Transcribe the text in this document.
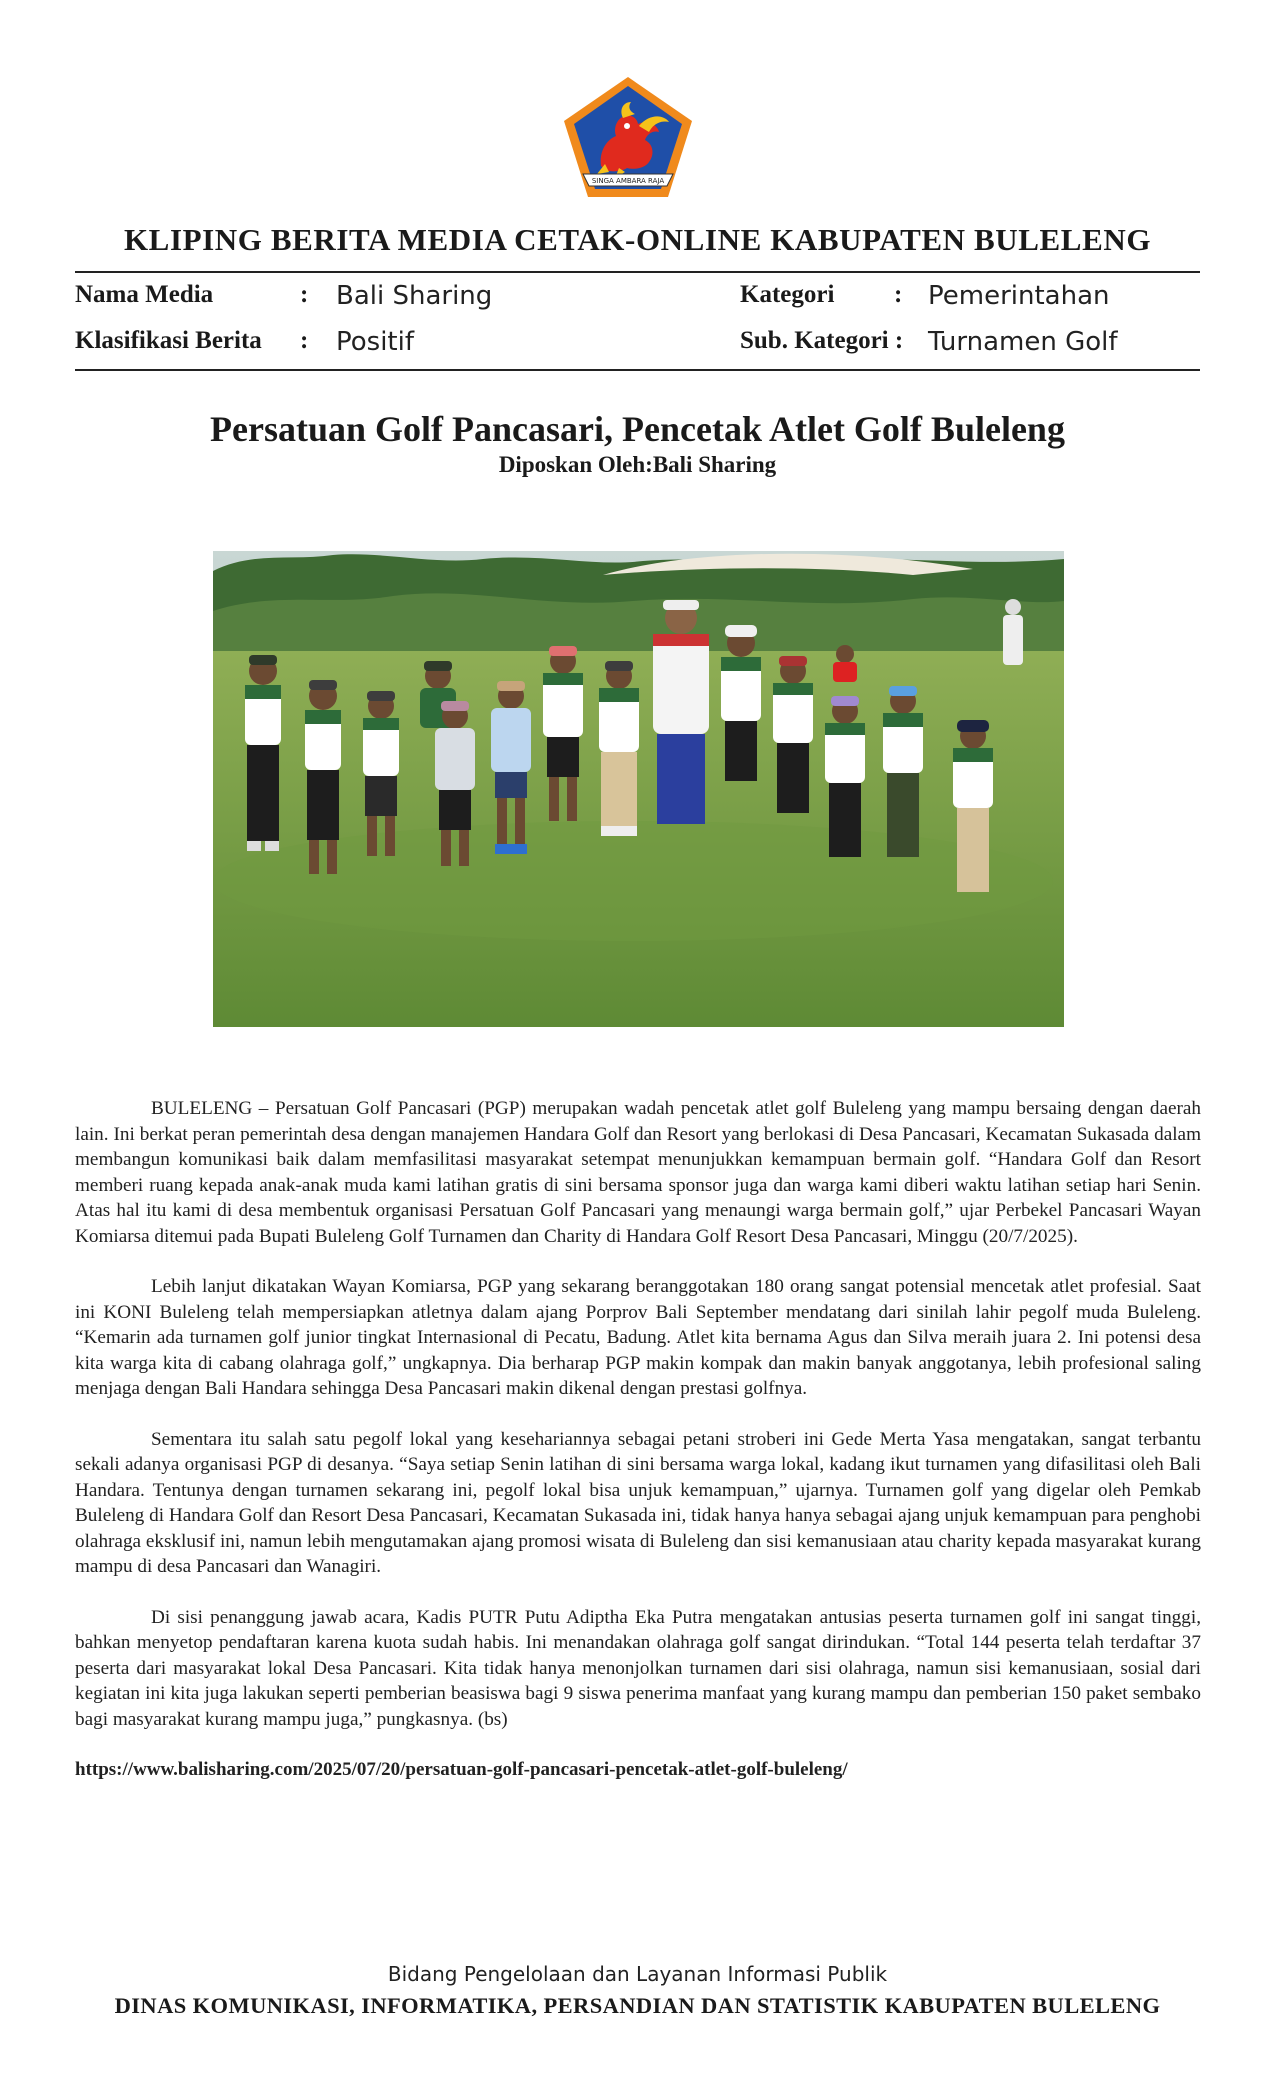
SINGA AMBARA RAJA
KLIPING BERITA MEDIA CETAK-ONLINE KABUPATEN BULELENG
Nama Media	: Bali Sharing
Klasifikasi Berita : Positif
Kategori : Pemerintahan
Sub. Kategori : Turnamen Golf
Persatuan Golf Pancasari, Pencetak Atlet Golf Buleleng
Diposkan Oleh:Bali Sharing

BULELENG – Persatuan Golf Pancasari (PGP) merupakan wadah pencetak atlet golf Buleleng yang mampu bersaing dengan daerah lain. Ini berkat peran pemerintah desa dengan manajemen Handara Golf dan Resort yang berlokasi di Desa Pancasari, Kecamatan Sukasada dalam membangun komunikasi baik dalam memfasilitasi masyarakat setempat menunjukkan kemampuan bermain golf. “Handara Golf dan Resort memberi ruang kepada anak-anak muda kami latihan gratis di sini bersama sponsor juga dan warga kami diberi waktu latihan setiap hari Senin. Atas hal itu kami di desa membentuk organisasi Persatuan Golf Pancasari yang menaungi warga bermain golf,” ujar Perbekel Pancasari Wayan Komiarsa ditemui pada Bupati Buleleng Golf Turnamen dan Charity di Handara Golf Resort Desa Pancasari, Minggu (20/7/2025).

Lebih lanjut dikatakan Wayan Komiarsa, PGP yang sekarang beranggotakan 180 orang sangat potensial mencetak atlet profesial. Saat ini KONI Buleleng telah mempersiapkan atletnya dalam ajang Porprov Bali September mendatang dari sinilah lahir pegolf muda Buleleng. “Kemarin ada turnamen golf junior tingkat Internasional di Pecatu, Badung. Atlet kita bernama Agus dan Silva meraih juara 2. Ini potensi desa kita warga kita di cabang olahraga golf,” ungkapnya. Dia berharap PGP makin kompak dan makin banyak anggotanya, lebih profesional saling menjaga dengan Bali Handara sehingga Desa Pancasari makin dikenal dengan prestasi golfnya.

Sementara itu salah satu pegolf lokal yang kesehariannya sebagai petani stroberi ini Gede Merta Yasa mengatakan, sangat terbantu sekali adanya organisasi PGP di desanya. “Saya setiap Senin latihan di sini bersama warga lokal, kadang ikut turnamen yang difasilitasi oleh Bali Handara. Tentunya dengan turnamen sekarang ini, pegolf lokal bisa unjuk kemampuan,” ujarnya. Turnamen golf yang digelar oleh Pemkab Buleleng di Handara Golf dan Resort Desa Pancasari, Kecamatan Sukasada ini, tidak hanya hanya sebagai ajang unjuk kemampuan para penghobi olahraga eksklusif ini, namun lebih mengutamakan ajang promosi wisata di Buleleng dan sisi kemanusiaan atau charity kepada masyarakat kurang mampu di desa Pancasari dan Wanagiri.

Di sisi penanggung jawab acara, Kadis PUTR Putu Adiptha Eka Putra mengatakan antusias peserta turnamen golf ini sangat tinggi, bahkan menyetop pendaftaran karena kuota sudah habis. Ini menandakan olahraga golf sangat dirindukan. “Total 144 peserta telah terdaftar 37 peserta dari masyarakat lokal Desa Pancasari. Kita tidak hanya menonjolkan turnamen dari sisi olahraga, namun sisi kemanusiaan, sosial dari kegiatan ini kita juga lakukan seperti pemberian beasiswa bagi 9 siswa penerima manfaat yang kurang mampu dan pemberian 150 paket sembako bagi masyarakat kurang mampu juga,” pungkasnya. (bs)

https://www.balisharing.com/2025/07/20/persatuan-golf-pancasari-pencetak-atlet-golf-buleleng/
Bidang Pengelolaan dan Layanan Informasi Publik
DINAS KOMUNIKASI, INFORMATIKA, PERSANDIAN DAN STATISTIK KABUPATEN BULELENG
